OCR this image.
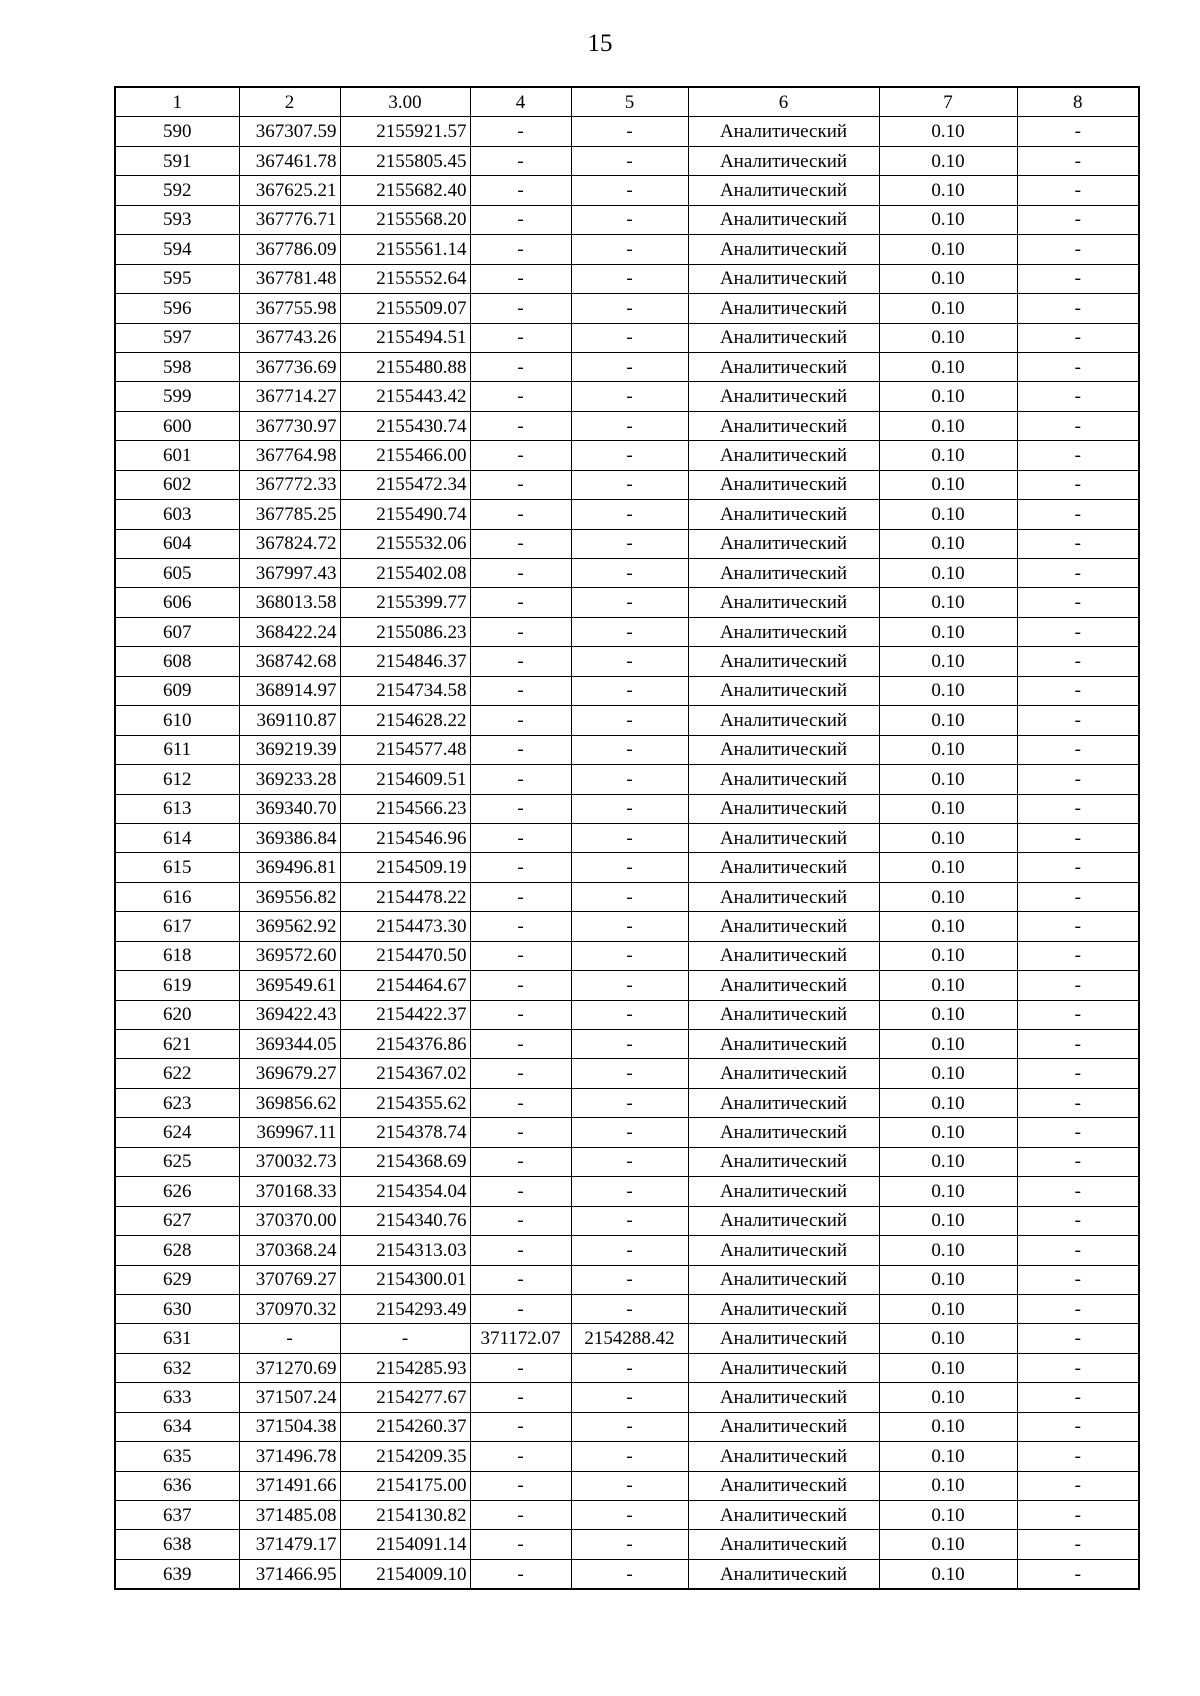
15
1	2	3.00	4	5	6	7	8
590	367307.59	2155921.57	-	-	Аналитический	0.10	-
591	367461.78	2155805.45	-	-	Аналитический	0.10	-
592	367625.21	2155682.40	-	-	Аналитический	0.10	-
593	367776.71	2155568.20	-	-	Аналитический	0.10	-
594	367786.09	2155561.14	-	-	Аналитический	0.10	-
595	367781.48	2155552.64	-	-	Аналитический	0.10	-
596	367755.98	2155509.07	-	-	Аналитический	0.10	-
597	367743.26	2155494.51	-	-	Аналитический	0.10	-
598	367736.69	2155480.88	-	-	Аналитический	0.10	-
599	367714.27	2155443.42	-	-	Аналитический	0.10	-
600	367730.97	2155430.74	-	-	Аналитический	0.10	-
601	367764.98	2155466.00	-	-	Аналитический	0.10	-
602	367772.33	2155472.34	-	-	Аналитический	0.10	-
603	367785.25	2155490.74	-	-	Аналитический	0.10	-
604	367824.72	2155532.06	-	-	Аналитический	0.10	-
605	367997.43	2155402.08	-	-	Аналитический	0.10	-
606	368013.58	2155399.77	-	-	Аналитический	0.10	-
607	368422.24	2155086.23	-	-	Аналитический	0.10	-
608	368742.68	2154846.37	-	-	Аналитический	0.10	-
609	368914.97	2154734.58	-	-	Аналитический	0.10	-
610	369110.87	2154628.22	-	-	Аналитический	0.10	-
611	369219.39	2154577.48	-	-	Аналитический	0.10	-
612	369233.28	2154609.51	-	-	Аналитический	0.10	-
613	369340.70	2154566.23	-	-	Аналитический	0.10	-
614	369386.84	2154546.96	-	-	Аналитический	0.10	-
615	369496.81	2154509.19	-	-	Аналитический	0.10	-
616	369556.82	2154478.22	-	-	Аналитический	0.10	-
617	369562.92	2154473.30	-	-	Аналитический	0.10	-
618	369572.60	2154470.50	-	-	Аналитический	0.10	-
619	369549.61	2154464.67	-	-	Аналитический	0.10	-
620	369422.43	2154422.37	-	-	Аналитический	0.10	-
621	369344.05	2154376.86	-	-	Аналитический	0.10	-
622	369679.27	2154367.02	-	-	Аналитический	0.10	-
623	369856.62	2154355.62	-	-	Аналитический	0.10	-
624	369967.11	2154378.74	-	-	Аналитический	0.10	-
625	370032.73	2154368.69	-	-	Аналитический	0.10	-
626	370168.33	2154354.04	-	-	Аналитический	0.10	-
627	370370.00	2154340.76	-	-	Аналитический	0.10	-
628	370368.24	2154313.03	-	-	Аналитический	0.10	-
629	370769.27	2154300.01	-	-	Аналитический	0.10	-
630	370970.32	2154293.49	-	-	Аналитический	0.10	-
631	-	-	371172.07	2154288.42	Аналитический	0.10	-
632	371270.69	2154285.93	-	-	Аналитический	0.10	-
633	371507.24	2154277.67	-	-	Аналитический	0.10	-
634	371504.38	2154260.37	-	-	Аналитический	0.10	-
635	371496.78	2154209.35	-	-	Аналитический	0.10	-
636	371491.66	2154175.00	-	-	Аналитический	0.10	-
637	371485.08	2154130.82	-	-	Аналитический	0.10	-
638	371479.17	2154091.14	-	-	Аналитический	0.10	-
639	371466.95	2154009.10	-	-	Аналитический	0.10	-
